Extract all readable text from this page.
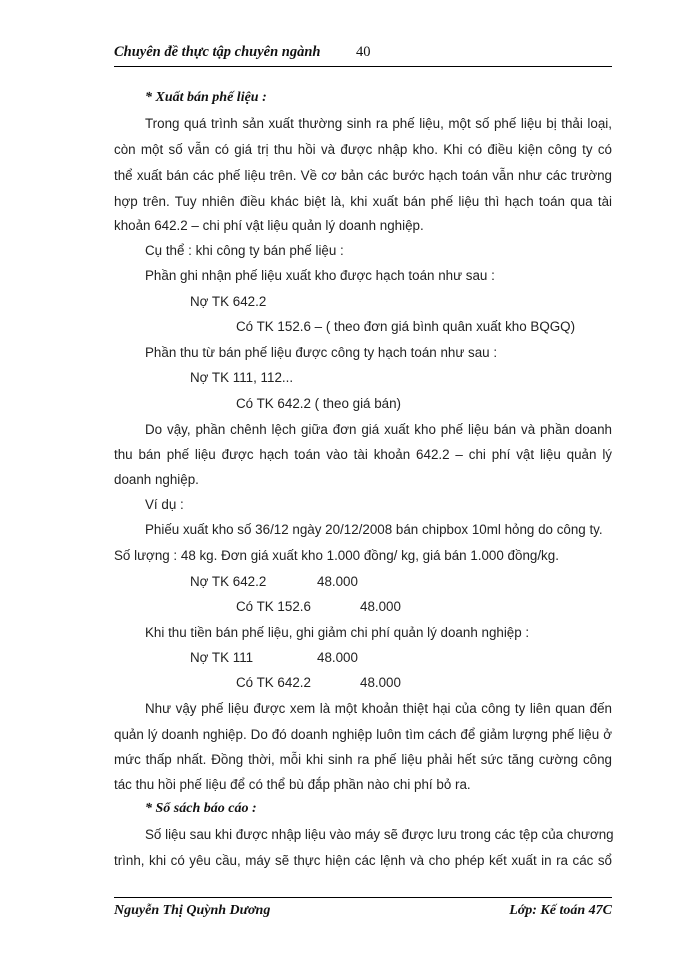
Chuyên đề thực tập chuyên ngành 40
* Xuất bán phế liệu :
Trong quá trình sản xuất thường sinh ra phế liệu, một số phế liệu bị thải loại,
còn một số vẫn có giá trị thu hồi và được nhập kho. Khi có điều kiện công ty có
thể xuất bán các phế liệu trên. Về cơ bản các bước hạch toán vẫn như các trường
hợp trên. Tuy nhiên điều khác biệt là, khi xuất bán phế liệu thì hạch toán qua tài
khoản 642.2 – chi phí vật liệu quản lý doanh nghiệp.
Cụ thể : khi công ty bán phế liệu :
Phần ghi nhận phế liệu xuất kho được hạch toán như sau :
Nợ TK 642.2
Có TK 152.6 – ( theo đơn giá bình quân xuất kho BQGQ)
Phần thu từ bán phế liệu được công ty hạch toán như sau :
Nợ TK 111, 112...
Có TK 642.2 ( theo giá bán)
Do vậy, phần chênh lệch giữa đơn giá xuất kho phế liệu bán và phần doanh
thu bán phế liệu được hạch toán vào tài khoản 642.2 – chi phí vật liệu quản lý
doanh nghiệp.
Ví dụ :
Phiếu xuất kho số 36/12 ngày 20/12/2008 bán chipbox 10ml hỏng do công ty.
Số lượng : 48 kg. Đơn giá xuất kho 1.000 đồng/ kg, giá bán 1.000 đồng/kg.
Nợ TK 642.2	48.000
Có TK 152.6	48.000
Khi thu tiền bán phế liệu, ghi giảm chi phí quản lý doanh nghiệp :
Nợ TK 111	48.000
Có TK 642.2	48.000
Như vậy phế liệu được xem là một khoản thiệt hại của công ty liên quan đến
quản lý doanh nghiệp. Do đó doanh nghiệp luôn tìm cách để giảm lượng phế liệu ở
mức thấp nhất. Đồng thời, mỗi khi sinh ra phế liệu phải hết sức tăng cường công
tác thu hồi phế liệu để có thể bù đắp phần nào chi phí bỏ ra.
* Sổ sách báo cáo :
Số liệu sau khi được nhập liệu vào máy sẽ được lưu trong các tệp của chương
trình, khi có yêu cầu, máy sẽ thực hiện các lệnh và cho phép kết xuất in ra các sổ
Nguyễn Thị Quỳnh Dương	Lớp: Kế toán 47C
